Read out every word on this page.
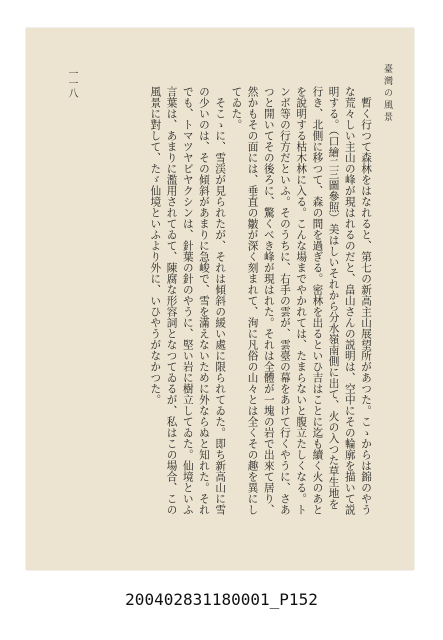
臺灣の風景
一一八

暫く行つて森林をはなれると、第七の新高主山展望所があつた。こゝからは錦のやうな荒々しい主山の峰が現はれるのだと、畠山さんの説明は、空中にその輪廓を描いて説明する。（口繪二三圖參照）美はしいそれから分水嶺南側に出て、火の入つた草生地を行き、北側に移つて、森の間を過ぎる。密林を出るといひ吉はことに迄も續く火のあとを說明する枯木林に入る。こんな場までやかれては、たまらないと腹立たしくなる。トンボ等の行方だといふ。そのうちに、右手の雲が、雲臺の幕をあけて行くやうに、さあつと開いてその後ろに、驚くべき峰が現はれた。それは全體が一塊の岩で出來て居り、然かもその面には、垂直の皺が深く刻まれて、洵に凡俗の山々とは全くその趣を異にしてゐた。

そこゝに、雪渓が見られたが、それは傾斜の緩い處に限られてゐた。即ち新高山に雪の少いのは、その傾斜があまりに急峻で、雪を滿えないために外ならぬと知れた。それでも、トマツヤビヤクシンは、針葉の針のやうに、堅い岩に樹立してゐた。仙境といふ言葉は、あまりに濫用されてゐて、陳腐な形容詞となつてゐるが、私はこの場合、この風景に對して、たゞ仙境といふより外に、いひやうがなかつた。

200402831180001_P152
